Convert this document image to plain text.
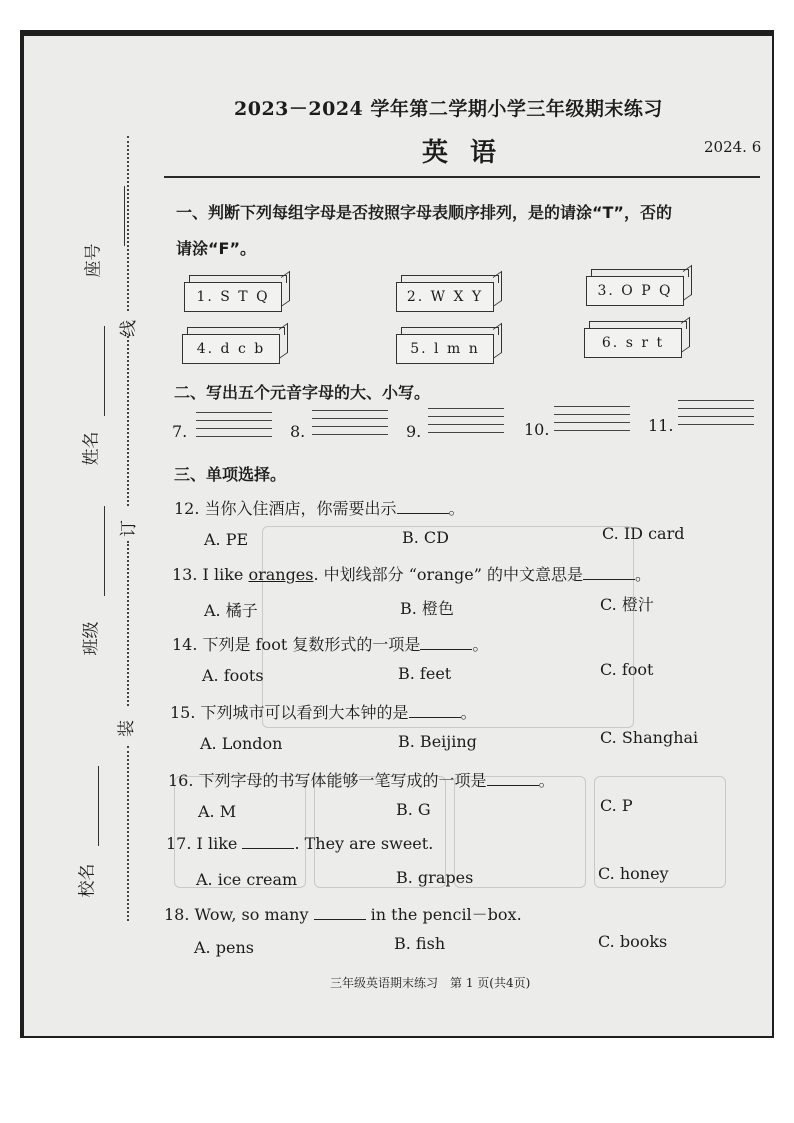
座号
线
姓名
订
班级
装
校名
2023－2024 学年第二学期小学三年级期末练习
英语	2024. 6
一、判断下列每组字母是否按照字母表顺序排列，是的请涂“T”，否的
请涂“F”。
1. S T Q	2. W X Y	3. O P Q
4. d c b	5. l m n	6. s r t
二、写出五个元音字母的大、小写。
7.	8.	9.	10.	11.
三、单项选择。
12. 当你入住酒店，你需要出示	。
A. PE	B. CD	C. ID card
13. I like oranges. 中划线部分 “orange” 的中文意思是	。
A. 橘子	B. 橙色	C. 橙汁
14. 下列是 foot 复数形式的一项是	。
A. foots	B. feet	C. foot
15. 下列城市可以看到大本钟的是	。
A. London	B. Beijing	C. Shanghai
16. 下列字母的书写体能够一笔写成的一项是	。
A. M	B. G	C. P
17. I like	. They are sweet.
A. ice cream	B. grapes	C. honey
18. Wow, so many	in the pencil－box.
A. pens	B. fish	C. books
三年级英语期末练习　第 1 页(共4页)
